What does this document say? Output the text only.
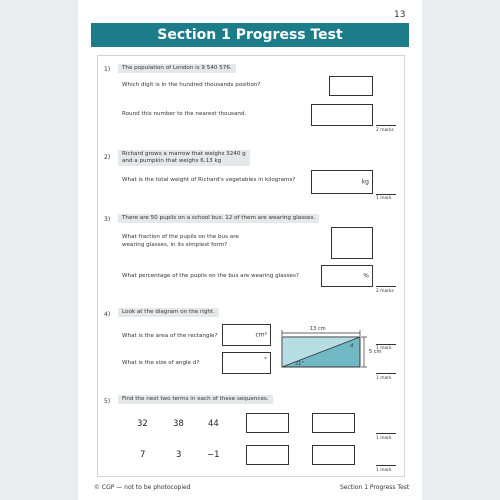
13
Section 1 Progress Test
1)	The population of London is 9 540 576.
Which digit is in the hundred thousands position?
Round this number to the nearest thousand.
2 marks
2) Richard grows a marrow that weighs 3240 g
and a pumpkin that weighs 6.13 kg
What is the total weight of Richard's vegetables in kilograms?	kg
1 mark
3)	There are 50 pupils on a school bus. 12 of them are wearing glasses.
What fraction of the pupils on the bus are
wearing glasses, in its simplest form?
What percentage of the pupils on the bus are wearing glasses?	%
2 marks
4)	Look at the diagram on the right.
What is the area of the rectangle?	cm²
What is the size of angle d?	°
13 cm
5 cm
d
21°
1 mark
1 mark
5)	Find the next two terms in each of these sequences.
32	38	44
1 mark
7	3	−1
1 mark
© CGP — not to be photocopied	Section 1 Progress Test
